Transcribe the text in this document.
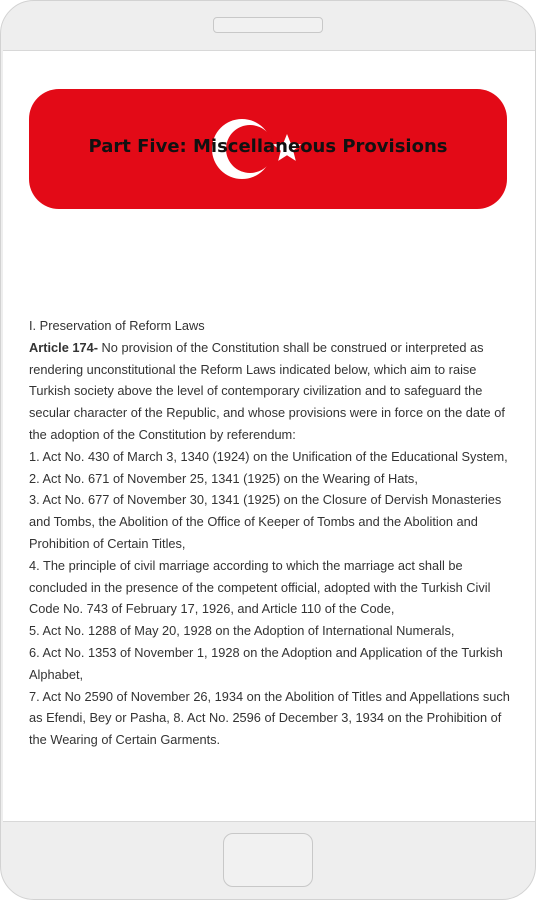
Part Five: Miscellaneous Provisions

I. Preservation of Reform Laws

Article 174- No provision of the Constitution shall be construed or interpreted as rendering unconstitutional the Reform Laws indicated below, which aim to raise Turkish society above the level of contemporary civilization and to safeguard the secular character of the Republic, and whose provisions were in force on the date of the adoption of the Constitution by referendum:

1. Act No. 430 of March 3, 1340 (1924) on the Unification of the Educational System,

2. Act No. 671 of November 25, 1341 (1925) on the Wearing of Hats,

3. Act No. 677 of November 30, 1341 (1925) on the Closure of Dervish Monasteries and Tombs, the Abolition of the Office of Keeper of Tombs and the Abolition and Prohibition of Certain Titles,

4. The principle of civil marriage according to which the marriage act shall be concluded in the presence of the competent official, adopted with the Turkish Civil Code No. 743 of February 17, 1926, and Article 110 of the Code,

5. Act No. 1288 of May 20, 1928 on the Adoption of International Numerals,

6. Act No. 1353 of November 1, 1928 on the Adoption and Application of the Turkish Alphabet,

7. Act No 2590 of November 26, 1934 on the Abolition of Titles and Appellations such as Efendi, Bey or Pasha, 8. Act No. 2596 of December 3, 1934 on the Prohibition of the Wearing of Certain Garments.
